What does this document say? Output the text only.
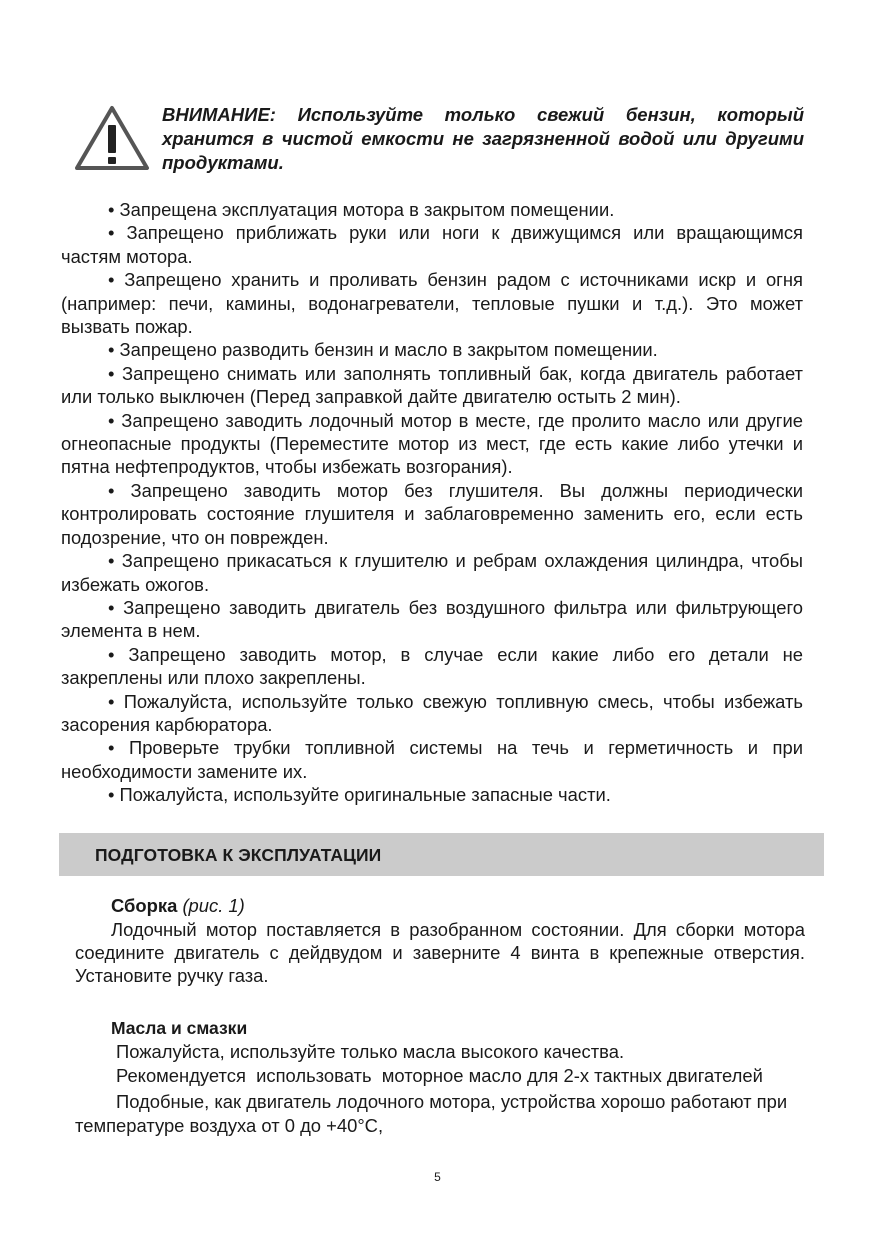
ВНИМАНИЕ: Используйте только свежий бензин, который хранится в чистой емкости не загрязненной водой или другими продуктами.

• Запрещена эксплуатация мотора в закрытом помещении.

• Запрещено приближать руки или ноги к движущимся или вращающимся частям мотора.

• Запрещено хранить и проливать бензин радом с источниками искр и огня (например: печи, камины, водонагреватели, тепловые пушки и т.д.). Это может вызвать пожар.

• Запрещено разводить бензин и масло в закрытом помещении.

• Запрещено снимать или заполнять топливный бак, когда двигатель работает или только выключен (Перед заправкой дайте двигателю остыть 2 мин).

• Запрещено заводить лодочный мотор в месте, где пролито масло или другие огнеопасные продукты (Переместите мотор из мест, где есть какие либо утечки и пятна нефтепродуктов, чтобы избежать возгорания).

• Запрещено заводить мотор без глушителя. Вы должны периодически контролировать состояние глушителя и заблаговременно заменить его, если есть подозрение, что он поврежден.

• Запрещено прикасаться к глушителю и ребрам охлаждения цилиндра, чтобы избежать ожогов.

• Запрещено заводить двигатель без воздушного фильтра или фильтрующего элемента в нем.

• Запрещено заводить мотор, в случае если какие либо его детали не закреплены или плохо закреплены.

• Пожалуйста, используйте только свежую топливную смесь, чтобы избежать засорения карбюратора.

• Проверьте трубки топливной системы на течь и герметичность и при необходимости замените их.

• Пожалуйста, используйте оригинальные запасные части.

ПОДГОТОВКА К ЭКСПЛУАТАЦИИ
Сборка (рис. 1)

Лодочный мотор поставляется в разобранном состоянии. Для сборки мотора соедините двигатель с дейдвудом и заверните 4 винта в крепежные отверстия. Установите ручку газа.

Масла и смазки
Пожалуйста, используйте только масла высокого качества.
Рекомендуется  использовать  моторное масло для 2-х тактных двигателей

Подобные, как двигатель лодочного мотора, устройства хорошо работают при температуре воздуха от 0 до +40°С,

5
